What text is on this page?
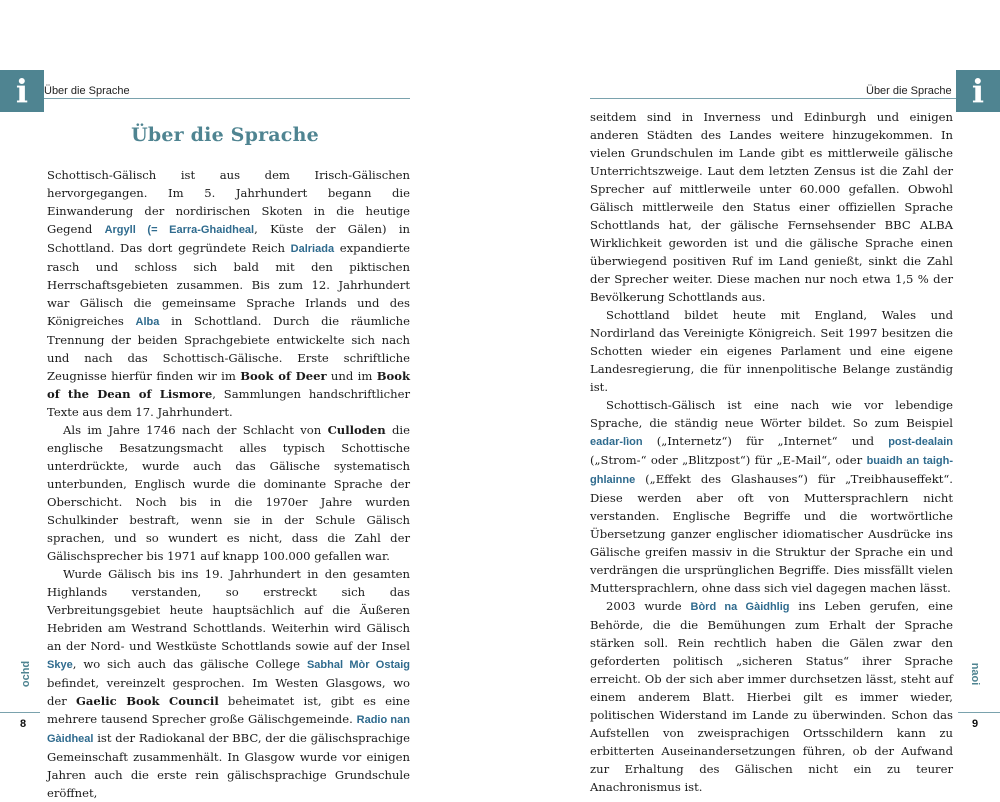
i	Über die Sprache	i
Über die Sprache
Über die Sprache

Schottisch-Gälisch ist aus dem Irisch-Gälischen hervorgegangen. Im 5. Jahrhundert begann die Einwanderung der nordirischen Skoten in die heutige Gegend Argyll (= Earra-Ghaidheal, Küste der Gälen) in Schottland. Das dort gegründete Reich Dalriada expandierte rasch und schloss sich bald mit den piktischen Herrschaftsgebieten zusammen. Bis zum 12. Jahrhundert war Gälisch die gemeinsame Sprache Irlands und des Königreiches Alba in Schottland. Durch die räumliche Trennung der beiden Sprachgebiete entwickelte sich nach und nach das Schottisch-Gälische. Erste schriftliche Zeugnisse hierfür finden wir im Book of Deer und im Book of the Dean of Lismore, Sammlungen handschriftlicher Texte aus dem 17. Jahrhundert.

Als im Jahre 1746 nach der Schlacht von Culloden die englische Besatzungsmacht alles typisch Schottische unterdrückte, wurde auch das Gälische systematisch unterbunden, Englisch wurde die dominante Sprache der Oberschicht. Noch bis in die 1970er Jahre wurden Schulkinder bestraft, wenn sie in der Schule Gälisch sprachen, und so wundert es nicht, dass die Zahl der Gälischsprecher bis 1971 auf knapp 100.000 gefallen war.

Wurde Gälisch bis ins 19. Jahrhundert in den gesamten Highlands verstanden, so erstreckt sich das Verbreitungsgebiet heute hauptsächlich auf die Äußeren Hebriden am Westrand Schottlands. Weiterhin wird Gälisch an der Nord- und Westküste Schottlands sowie auf der Insel Skye, wo sich auch das gälische College Sabhal Mòr Ostaig befindet, vereinzelt gesprochen. Im Westen Glasgows, wo der Gaelic Book Council beheimatet ist, gibt es eine mehrere tausend Sprecher große Gälischgemeinde. Radio nan Gàidheal ist der Radiokanal der BBC, der die gälischsprachige Gemeinschaft zusammenhält. In Glasgow wurde vor einigen Jahren auch die erste rein gälischsprachige Grundschule eröffnet,

ochd
8

seitdem sind in Inverness und Edinburgh und einigen anderen Städten des Landes weitere hinzugekommen. In vielen Grundschulen im Lande gibt es mittlerweile gälische Unterrichtszweige. Laut dem letzten Zensus ist die Zahl der Sprecher auf mittlerweile unter 60.000 gefallen. Obwohl Gälisch mittlerweile den Status einer offiziellen Sprache Schottlands hat, der gälische Fernsehsender BBC ALBA Wirklichkeit geworden ist und die gälische Sprache einen überwiegend positiven Ruf im Land genießt, sinkt die Zahl der Sprecher weiter. Diese machen nur noch etwa 1,5 % der Bevölkerung Schottlands aus.

Schottland bildet heute mit England, Wales und Nordirland das Vereinigte Königreich. Seit 1997 besitzen die Schotten wieder ein eigenes Parlament und eine eigene Landesregierung, die für innenpolitische Belange zuständig ist.

Schottisch-Gälisch ist eine nach wie vor lebendige Sprache, die ständig neue Wörter bildet. So zum Beispiel eadar-lìon („Internetz“) für „Internet“ und post-dealain („Strom-“ oder „Blitzpost“) für „E-Mail“, oder buaidh an taigh-ghlainne („Effekt des Glashauses“) für „Treibhauseffekt“. Diese werden aber oft von Muttersprachlern nicht verstanden. Englische Begriffe und die wortwörtliche Übersetzung ganzer englischer idiomatischer Ausdrücke ins Gälische greifen massiv in die Struktur der Sprache ein und verdrängen die ursprünglichen Begriffe. Dies missfällt vielen Muttersprachlern, ohne dass sich viel dagegen machen lässt.

2003 wurde Bòrd na Gàidhlig ins Leben gerufen, eine Behörde, die die Bemühungen zum Erhalt der Sprache stärken soll. Rein rechtlich haben die Gälen zwar den geforderten politisch „sicheren Status“ ihrer Sprache erreicht. Ob der sich aber immer durchsetzen lässt, steht auf einem anderem Blatt. Hierbei gilt es immer wieder, politischen Widerstand im Lande zu überwinden. Schon das Aufstellen von zweisprachigen Ortsschildern kann zu erbitterten Auseinandersetzungen führen, ob der Aufwand zur Erhaltung des Gälischen nicht ein zu teurer Anachronismus ist.

naoi
9
